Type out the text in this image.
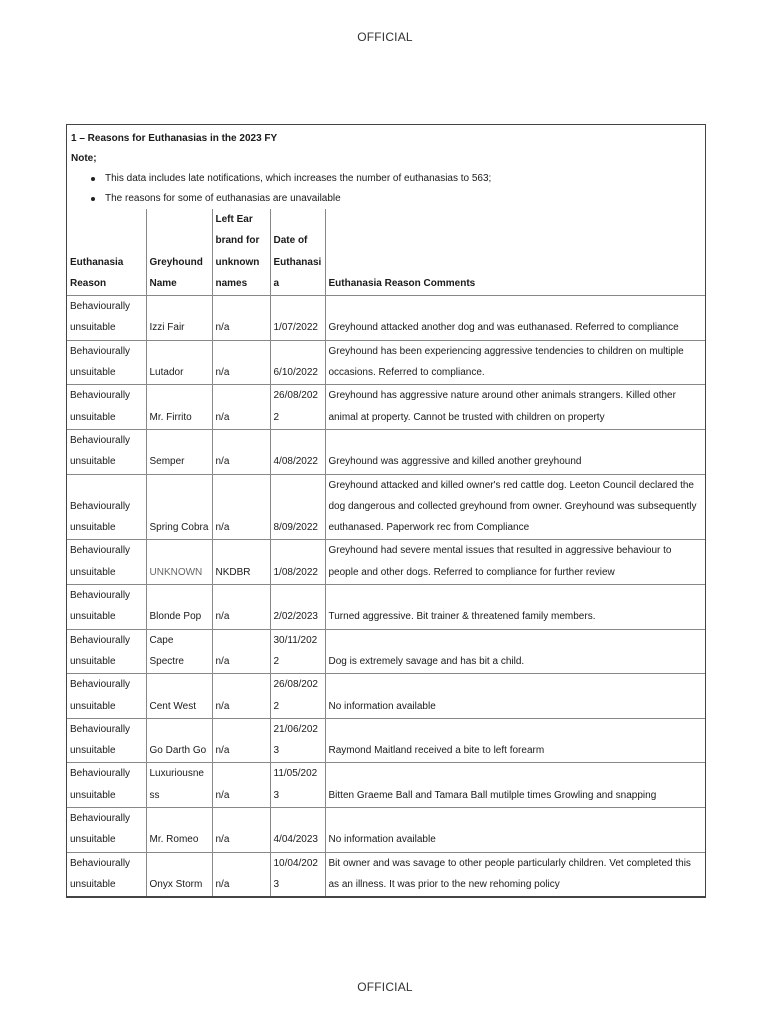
OFFICIAL
1 – Reasons for Euthanasias in the 2023 FY
Note;
This data includes late notifications, which increases the number of euthanasias to 563;
The reasons for some of euthanasias are unavailable
Euthanasia Reason	Greyhound Name	Left Ear brand for unknown names	Date of Euthanasia	Euthanasia Reason Comments
Behaviourally unsuitable	Izzi Fair	n/a	1/07/2022	Greyhound attacked another dog and was euthanased. Referred to compliance
Behaviourally unsuitable	Lutador	n/a	6/10/2022	Greyhound has been experiencing aggressive tendencies to children on multiple occasions. Referred to compliance.
Behaviourally unsuitable	Mr. Firrito	n/a	26/08/2022	Greyhound has aggressive nature around other animals strangers. Killed other animal at property. Cannot be trusted with children on property
Behaviourally unsuitable	Semper	n/a	4/08/2022	Greyhound was aggressive and killed another greyhound
Behaviourally unsuitable	Spring Cobra	n/a	8/09/2022	Greyhound attacked and killed owner's red cattle dog. Leeton Council declared the dog dangerous and collected greyhound from owner. Greyhound was subsequently euthanased. Paperwork rec from Compliance
Behaviourally unsuitable	UNKNOWN	NKDBR	1/08/2022	Greyhound had severe mental issues that resulted in aggressive behaviour to people and other dogs. Referred to compliance for further review
Behaviourally unsuitable	Blonde Pop	n/a	2/02/2023	Turned aggressive. Bit trainer & threatened family members.
Behaviourally unsuitable	Cape Spectre	n/a	30/11/2022	Dog is extremely savage and has bit a child.
Behaviourally unsuitable	Cent West	n/a	26/08/2022	No information available
Behaviourally unsuitable	Go Darth Go	n/a	21/06/2023	Raymond Maitland received a bite to left forearm
Behaviourally unsuitable	Luxuriousness	n/a	11/05/2023	Bitten Graeme Ball and Tamara Ball mutilple times Growling and snapping
Behaviourally unsuitable	Mr. Romeo	n/a	4/04/2023	No information available
Behaviourally unsuitable	Onyx Storm	n/a	10/04/2023	Bit owner and was savage to other people particularly children. Vet completed this as an illness. It was prior to the new rehoming policy
OFFICIAL
